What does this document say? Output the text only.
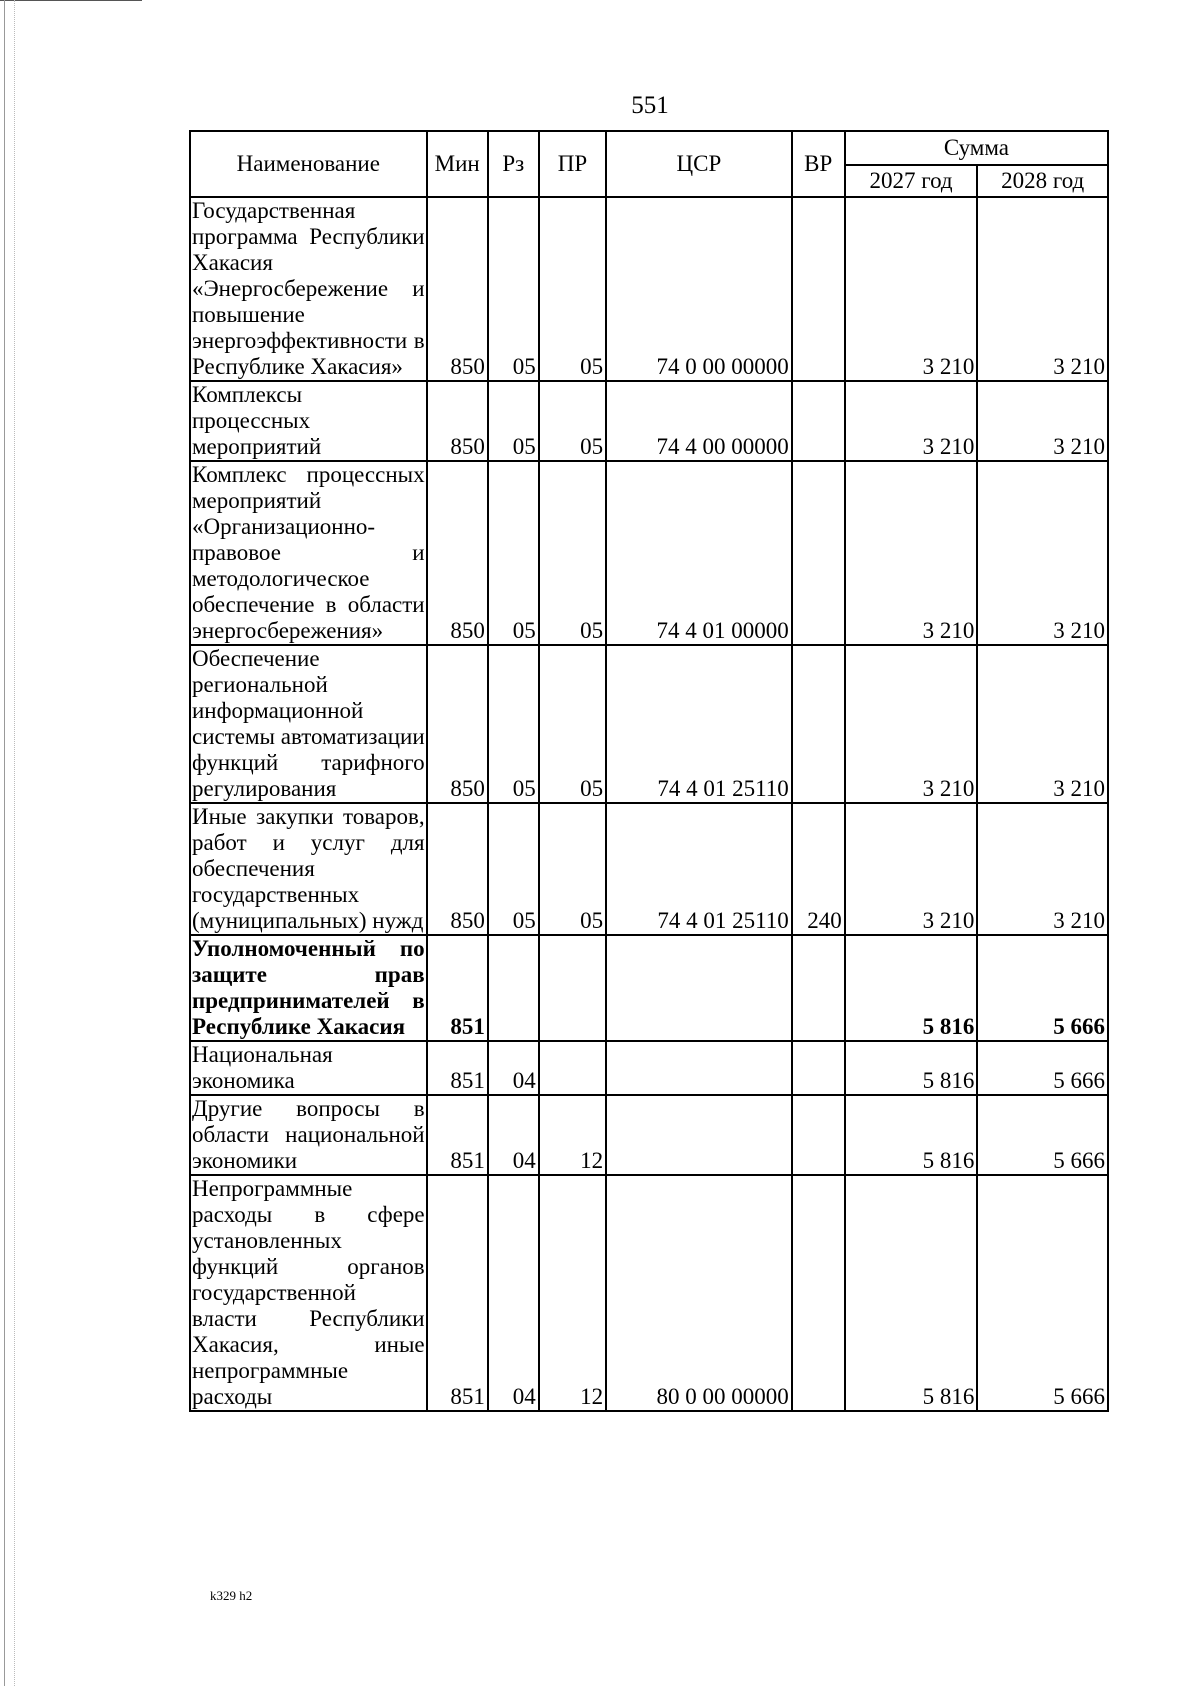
551
Наименование	Мин	Рз	ПР	ЦСР	ВР	Сумма	
						2027 год	2028 год
Государственная программа Республики Хакасия «Энергосбережение и повышение энергоэффективности в Республике Хакасия»	850	05	05	74 0 00 00000		3 210	3 210
Комплексы процессных мероприятий	850	05	05	74 4 00 00000		3 210	3 210
Комплекс процессных мероприятий «Организационно-правовое и методологическое обеспечение в области энергосбережения»	850	05	05	74 4 01 00000		3 210	3 210
Обеспечение региональной информационной системы автоматизации функций тарифного регулирования	850	05	05	74 4 01 25110		3 210	3 210
Иные закупки товаров, работ и услуг для обеспечения государственных (муниципальных) нужд	850	05	05	74 4 01 25110	240	3 210	3 210
Уполномоченный по защите прав предпринимателей в Республике Хакасия	851					5 816	5 666
Национальная экономика	851	04				5 816	5 666
Другие вопросы в области национальной экономики	851	04	12			5 816	5 666
Непрограммные расходы в сфере установленных функций органов государственной власти Республики Хакасия, иные непрограммные расходы	851	04	12	80 0 00 00000		5 816	5 666
k329 h2
